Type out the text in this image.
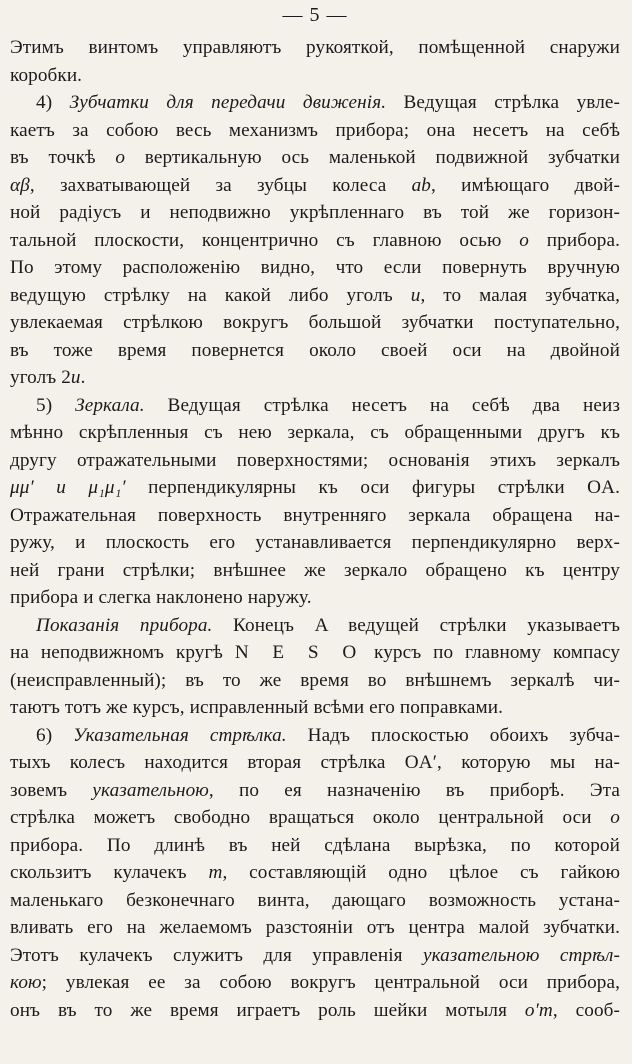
— 5 —
Этимъ винтомъ управляютъ рукояткой, помѣщенной снаружи
коробки.
4) Зубчатки для передачи движенія. Ведущая стрѣлка увле-
каетъ за собою весь механизмъ прибора; она несетъ на себѣ
въ точкѣ o вертикальную ось маленькой подвижной зубчатки
αβ, захватывающей за зубцы колеса ab, имѣющаго двой-
ной радіусъ и неподвижно укрѣпленнаго въ той же горизон-
тальной плоскости, концентрично съ главною осью o прибора.
По этому расположенію видно, что если повернуть вручную
ведущую стрѣлку на какой либо уголъ u, то малая зубчатка,
увлекаемая стрѣлкою вокругъ большой зубчатки поступательно,
въ тоже время повернется около своей оси на двойной
уголъ 2u.
5) Зеркала. Ведущая стрѣлка несетъ на себѣ два неиз
мѣнно скрѣпленныя съ нею зеркала, съ обращенными другъ къ
другу отражательными поверхностями; основанія этихъ зеркалъ
μμ′ и μ₁μ₁′ перпендикулярны къ оси фигуры стрѣлки OA.
Отражательная поверхность внутренняго зеркала обращена на-
ружу, и плоскость его устанавливается перпендикулярно верх-
ней грани стрѣлки; внѣшнее же зеркало обращено къ центру
прибора и слегка наклонено наружу.
Показанія прибора. Конецъ A ведущей стрѣлки указываетъ
на неподвижномъ кругѣ N E S O курсъ по главному компасу
(неисправленный); въ то же время во внѣшнемъ зеркалѣ чи-
таютъ тотъ же курсъ, исправленный всѣми его поправками.
6) Указательная стрѣлка. Надъ плоскостью обоихъ зубча-
тыхъ колесъ находится вторая стрѣлка OA′, которую мы на-
зовемъ указательною, по ея назначенію въ приборѣ. Эта
стрѣлка можетъ свободно вращаться около центральной оси o
прибора. По длинѣ въ ней сдѣлана вырѣзка, по которой
скользитъ кулачекъ m, составляющій одно цѣлое съ гайкою
маленькаго безконечнаго винта, дающаго возможность устана-
вливать его на желаемомъ разстояніи отъ центра малой зубчатки.
Этотъ кулачекъ служитъ для управленія указательною стрѣл-
кою; увлекая ее за собою вокругъ центральной оси прибора,
онъ въ то же время играетъ роль шейки мотыля o′m, сооб-
